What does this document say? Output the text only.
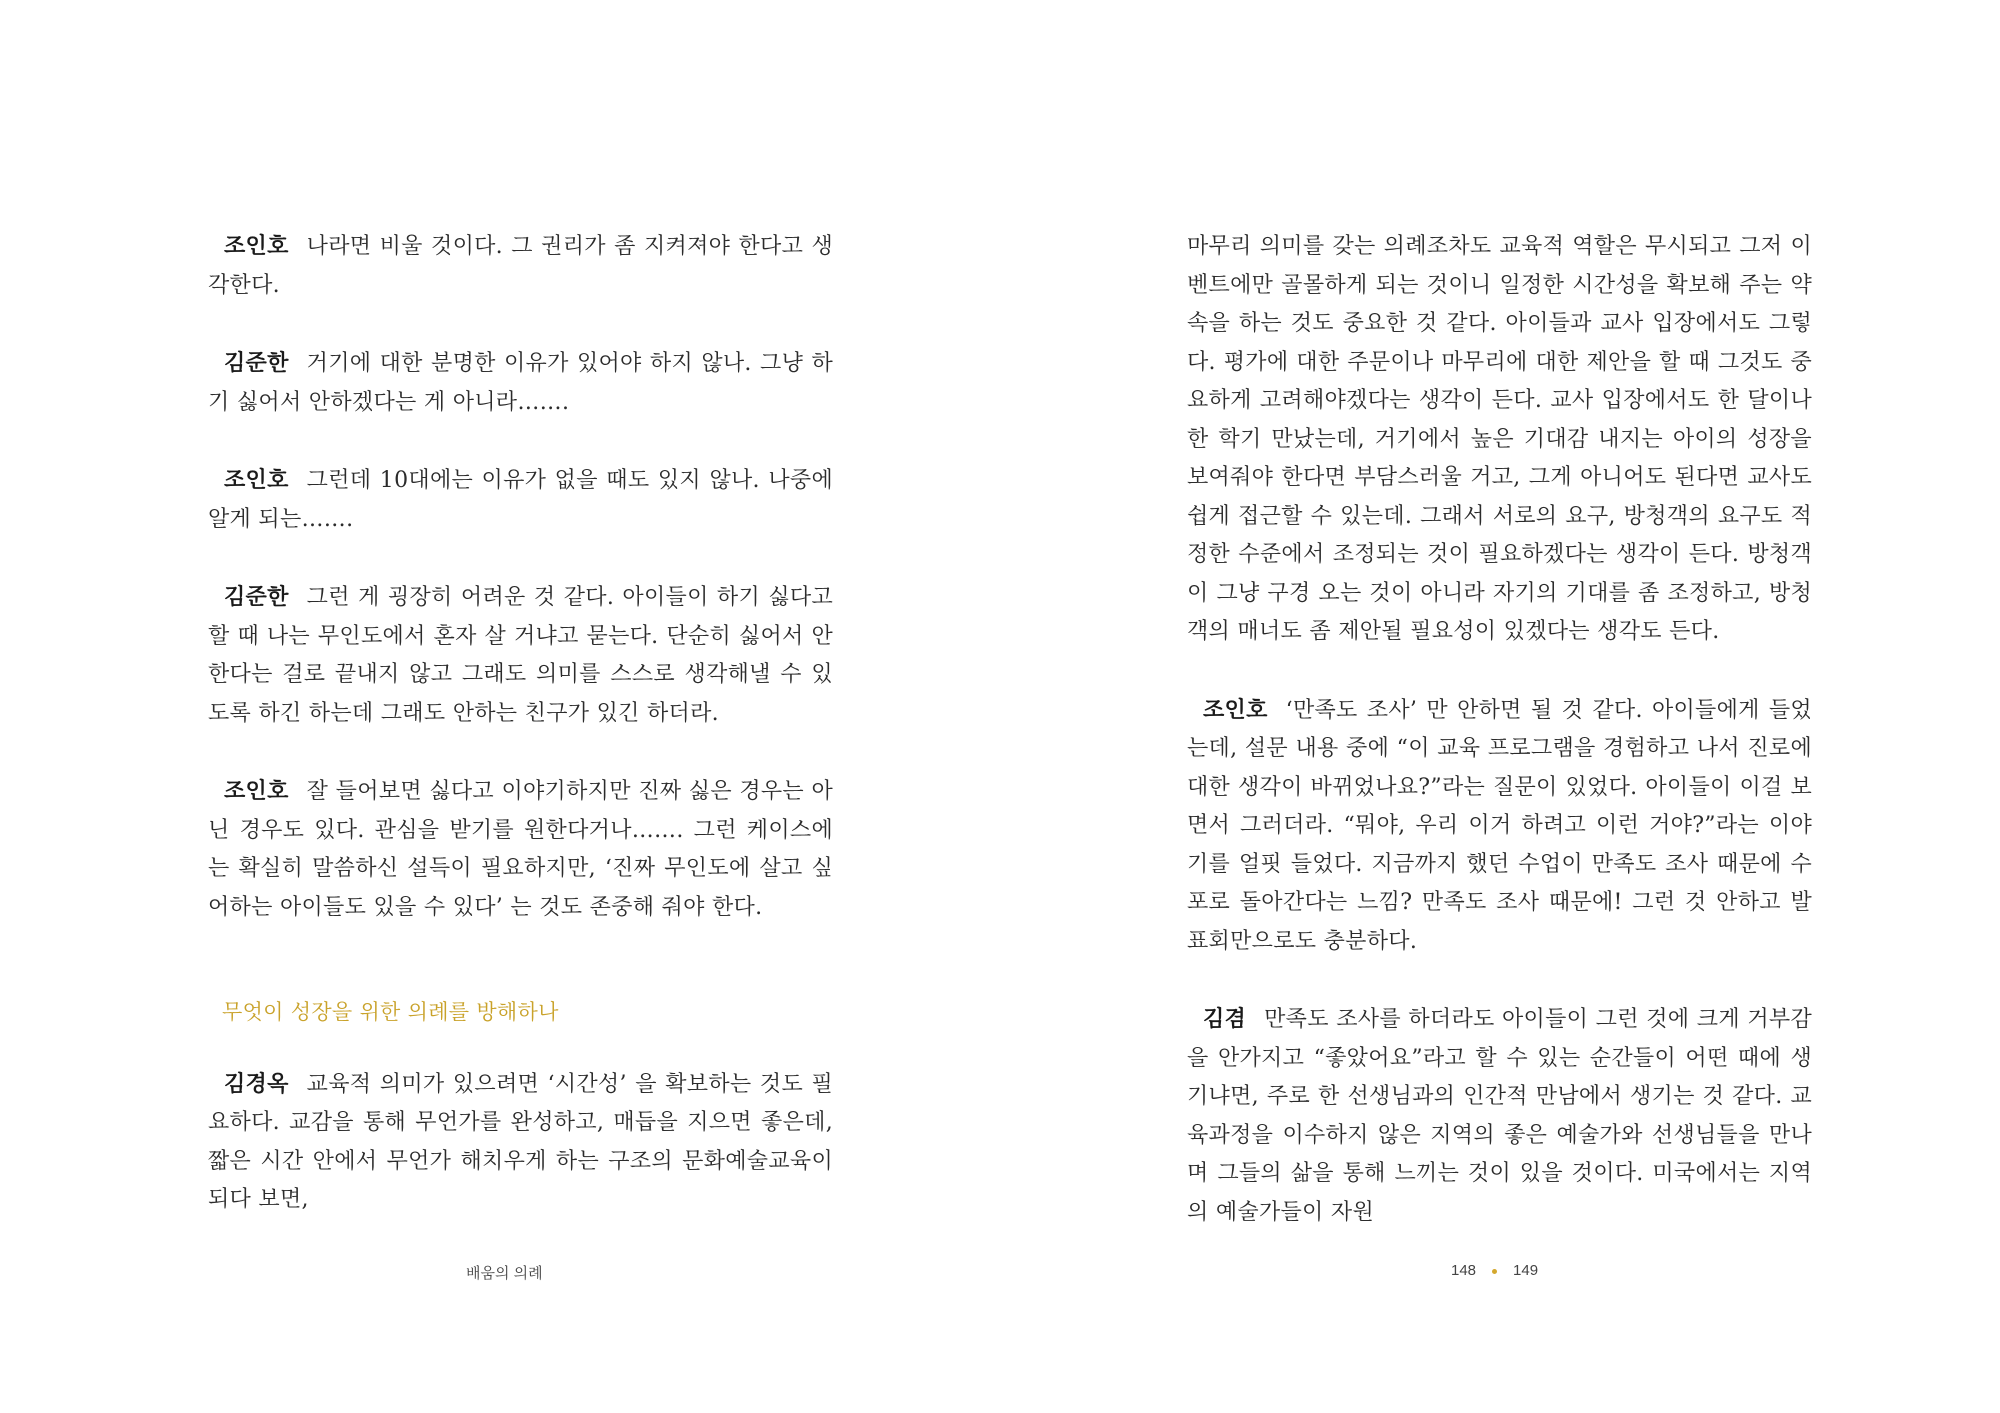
조인호 나라면 비울 것이다. 그 권리가 좀 지켜져야 한다고 생각한다.

김준한 거기에 대한 분명한 이유가 있어야 하지 않나. 그냥 하기 싫어서 안하겠다는 게 아니라…….

조인호 그런데 10대에는 이유가 없을 때도 있지 않나. 나중에 알게 되는…….

김준한 그런 게 굉장히 어려운 것 같다. 아이들이 하기 싫다고 할 때 나는 무인도에서 혼자 살 거냐고 묻는다. 단순히 싫어서 안한다는 걸로 끝내지 않고 그래도 의미를 스스로 생각해낼 수 있도록 하긴 하는데 그래도 안하는 친구가 있긴 하더라.

조인호 잘 들어보면 싫다고 이야기하지만 진짜 싫은 경우는 아닌 경우도 있다. 관심을 받기를 원한다거나……. 그런 케이스에는 확실히 말씀하신 설득이 필요하지만, ‘진짜 무인도에 살고 싶어하는 아이들도 있을 수 있다’ 는 것도 존중해 줘야 한다.

무엇이 성장을 위한 의례를 방해하나

김경옥 교육적 의미가 있으려면 ‘시간성’ 을 확보하는 것도 필요하다. 교감을 통해 무언가를 완성하고, 매듭을 지으면 좋은데, 짧은 시간 안에서 무언가 해치우게 하는 구조의 문화예술교육이 되다 보면,

배움의 의례

마무리 의미를 갖는 의례조차도 교육적 역할은 무시되고 그저 이벤트에만 골몰하게 되는 것이니 일정한 시간성을 확보해 주는 약속을 하는 것도 중요한 것 같다. 아이들과 교사 입장에서도 그렇다. 평가에 대한 주문이나 마무리에 대한 제안을 할 때 그것도 중요하게 고려해야겠다는 생각이 든다. 교사 입장에서도 한 달이나 한 학기 만났는데, 거기에서 높은 기대감 내지는 아이의 성장을 보여줘야 한다면 부담스러울 거고, 그게 아니어도 된다면 교사도 쉽게 접근할 수 있는데. 그래서 서로의 요구, 방청객의 요구도 적정한 수준에서 조정되는 것이 필요하겠다는 생각이 든다. 방청객이 그냥 구경 오는 것이 아니라 자기의 기대를 좀 조정하고, 방청객의 매너도 좀 제안될 필요성이 있겠다는 생각도 든다.

조인호 ‘만족도 조사’ 만 안하면 될 것 같다. 아이들에게 들었는데, 설문 내용 중에 “이 교육 프로그램을 경험하고 나서 진로에 대한 생각이 바뀌었나요?”라는 질문이 있었다. 아이들이 이걸 보면서 그러더라. “뭐야, 우리 이거 하려고 이런 거야?”라는 이야기를 얼핏 들었다. 지금까지 했던 수업이 만족도 조사 때문에 수포로 돌아간다는 느낌? 만족도 조사 때문에! 그런 것 안하고 발표회만으로도 충분하다.

김겸 만족도 조사를 하더라도 아이들이 그런 것에 크게 거부감을 안가지고 “좋았어요”라고 할 수 있는 순간들이 어떤 때에 생기냐면, 주로 한 선생님과의 인간적 만남에서 생기는 것 같다. 교육과정을 이수하지 않은 지역의 좋은 예술가와 선생님들을 만나며 그들의 삶을 통해 느끼는 것이 있을 것이다. 미국에서는 지역의 예술가들이 자원

148 149
